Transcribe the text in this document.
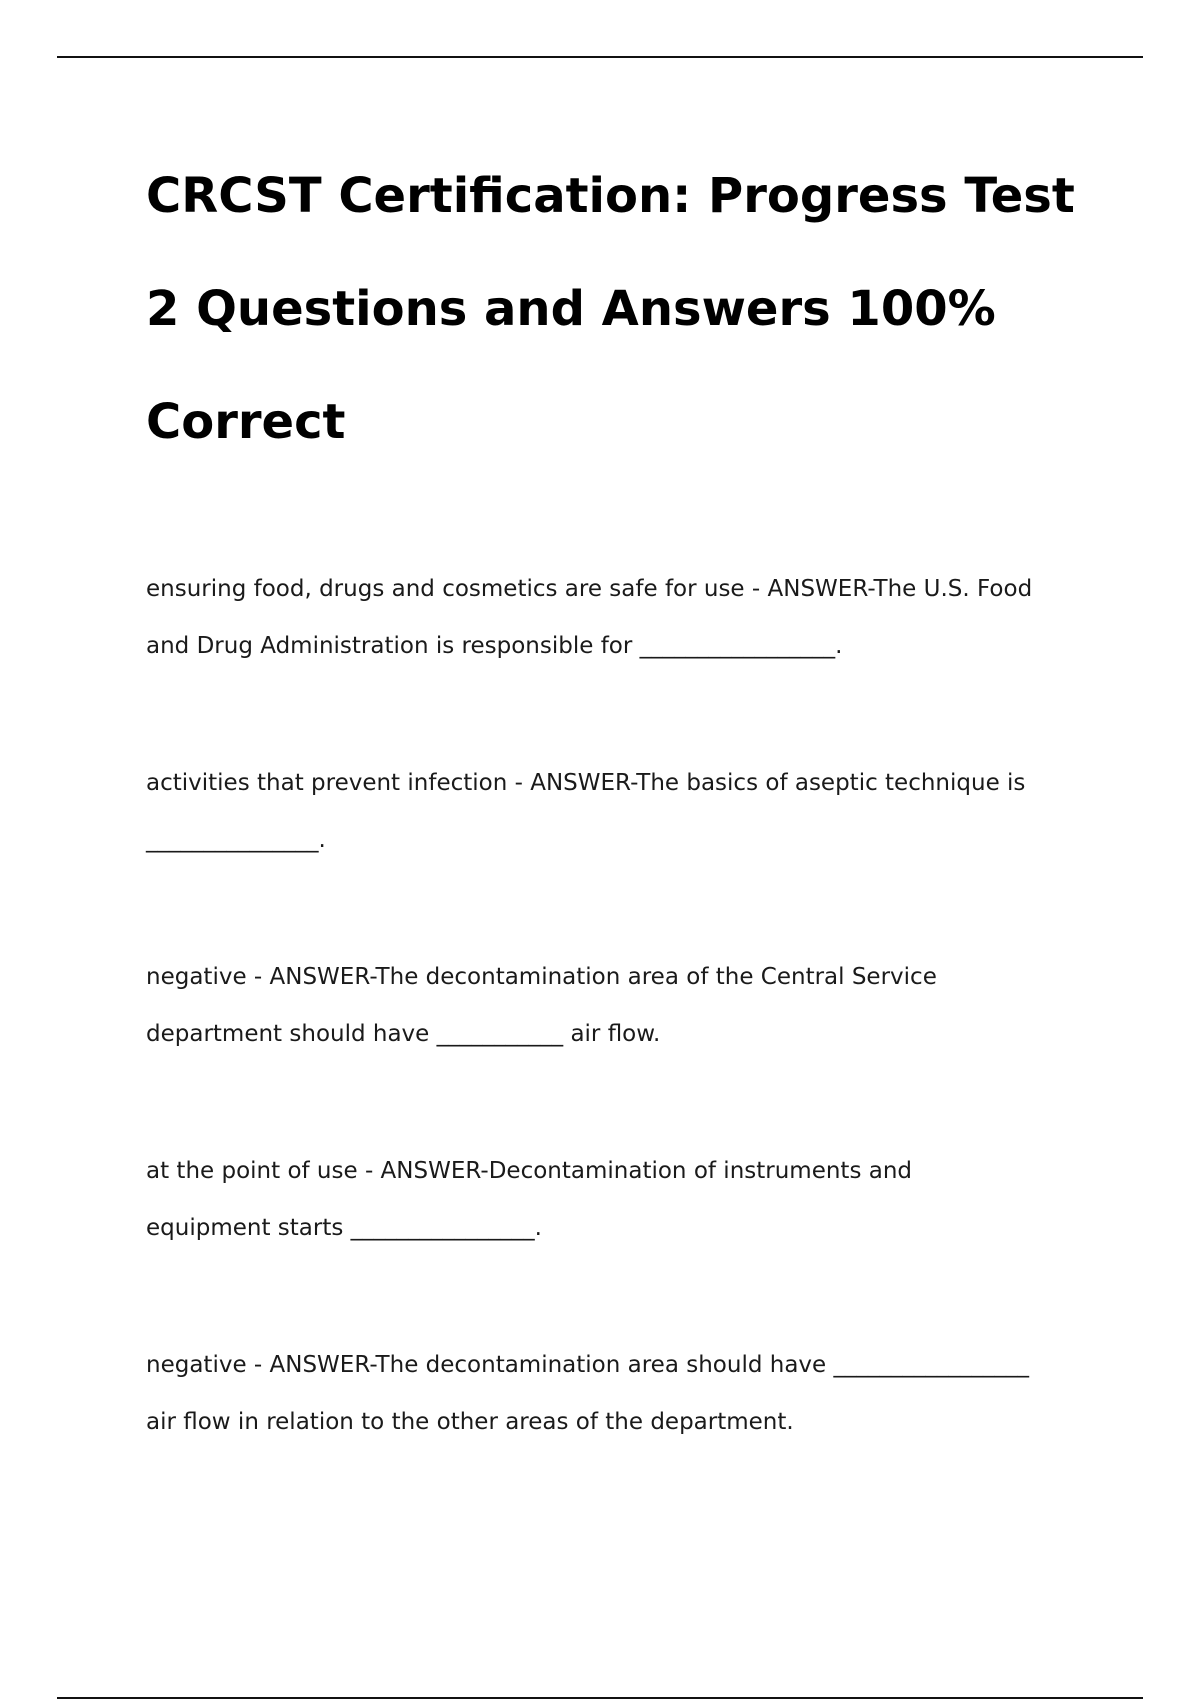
CRCST Certification: Progress Test
2 Questions and Answers 100%
Correct

ensuring food, drugs and cosmetics are safe for use - ANSWER-The U.S. Food
and Drug Administration is responsible for _________________.

activities that prevent infection - ANSWER-The basics of aseptic technique is
_______________.

negative - ANSWER-The decontamination area of the Central Service
department should have ___________ air flow.

at the point of use - ANSWER-Decontamination of instruments and
equipment starts ________________.

negative - ANSWER-The decontamination area should have _________________
air flow in relation to the other areas of the department.
